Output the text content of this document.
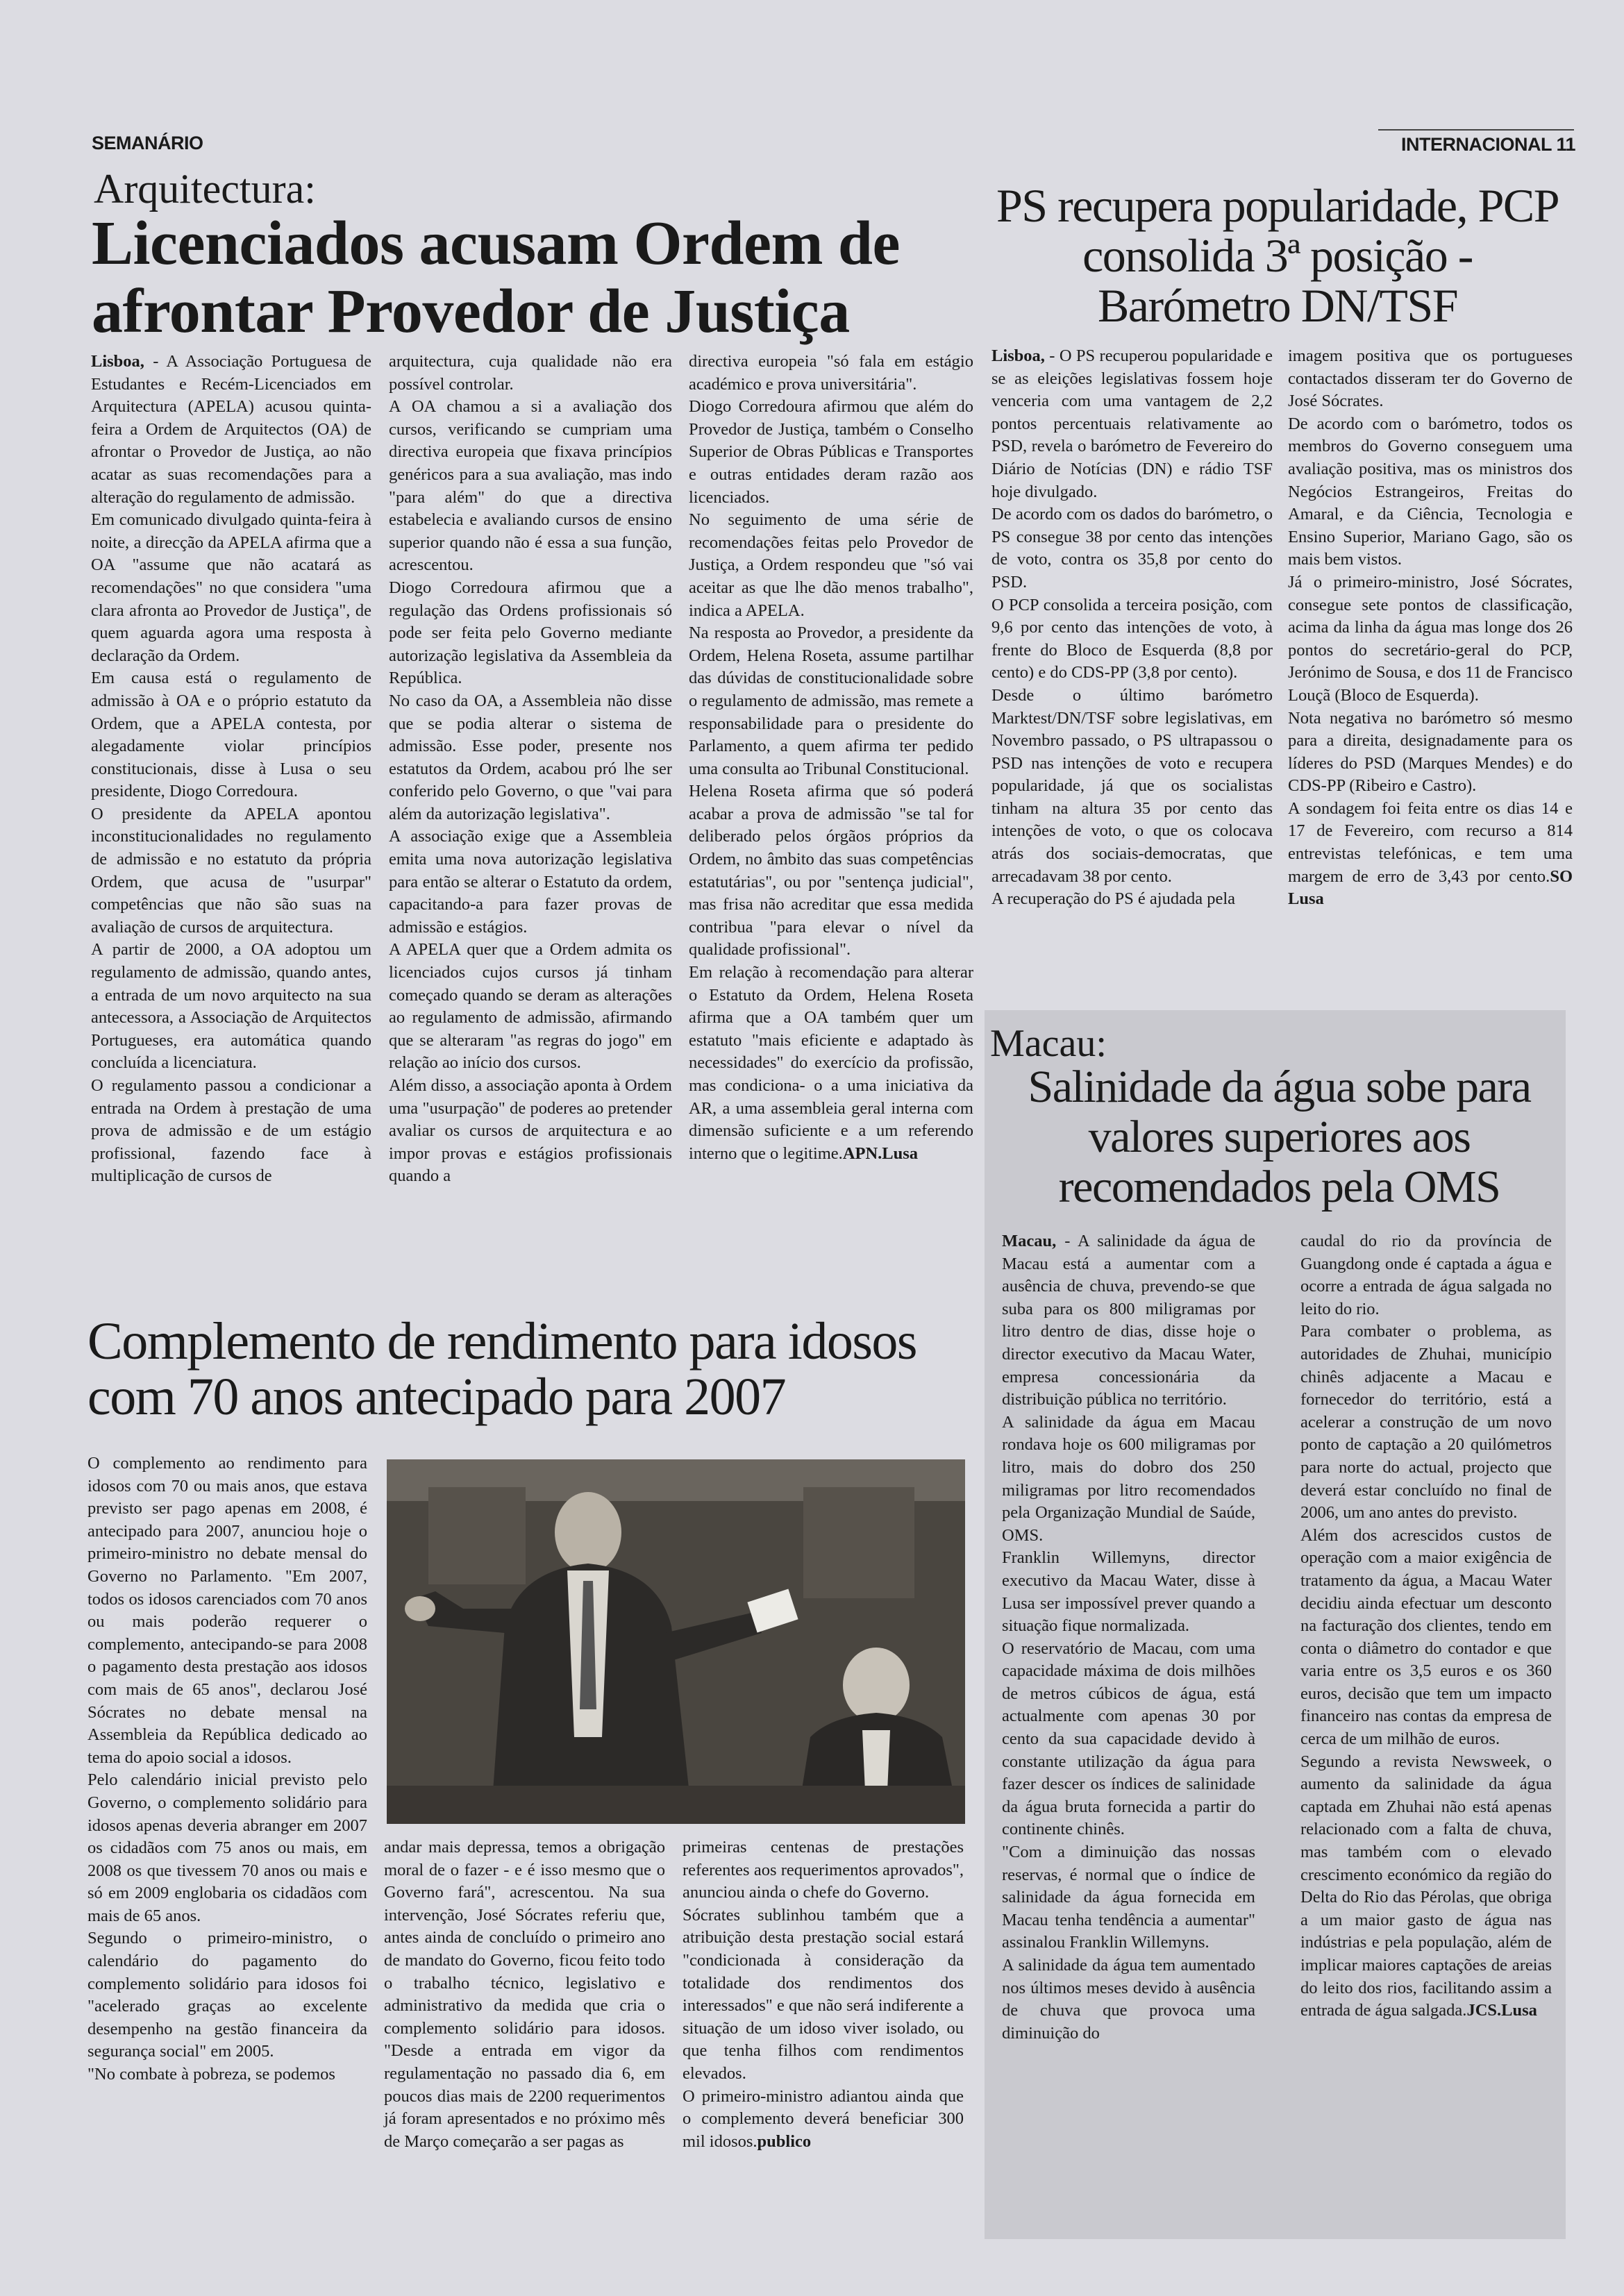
SEMANÁRIO	INTERNACIONAL 11
Arquitectura:
Licenciados acusam Ordem de afrontar Provedor de Justiça

Lisboa, - A Associação Portuguesa de Estudantes e Recém-Licenciados em Arquitectura (APELA) acusou quinta-feira a Ordem de Arquitectos (OA) de afrontar o Provedor de Justiça, ao não acatar as suas recomendações para a alteração do regulamento de admissão.

Em comunicado divulgado quinta-feira à noite, a direcção da APELA afirma que a OA "assume que não acatará as recomendações" no que considera "uma clara afronta ao Provedor de Justiça", de quem aguarda agora uma resposta à declaração da Ordem.

Em causa está o regulamento de admissão à OA e o próprio estatuto da Ordem, que a APELA contesta, por alegadamente violar princípios constitucionais, disse à Lusa o seu presidente, Diogo Corredoura.

O presidente da APELA apontou inconstitucionalidades no regulamento de admissão e no estatuto da própria Ordem, que acusa de "usurpar" competências que não são suas na avaliação de cursos de arquitectura.

A partir de 2000, a OA adoptou um regulamento de admissão, quando antes, a entrada de um novo arquitecto na sua antecessora, a Associação de Arquitectos Portugueses, era automática quando concluída a licenciatura.

O regulamento passou a condicionar a entrada na Ordem à prestação de uma prova de admissão e de um estágio profissional, fazendo face à multiplicação de cursos de

arquitectura, cuja qualidade não era possível controlar.

A OA chamou a si a avaliação dos cursos, verificando se cumpriam uma directiva europeia que fixava princípios genéricos para a sua avaliação, mas indo "para além" do que a directiva estabelecia e avaliando cursos de ensino superior quando não é essa a sua função, acrescentou.

Diogo Corredoura afirmou que a regulação das Ordens profissionais só pode ser feita pelo Governo mediante autorização legislativa da Assembleia da República.

No caso da OA, a Assembleia não disse que se podia alterar o sistema de admissão. Esse poder, presente nos estatutos da Ordem, acabou pró lhe ser conferido pelo Governo, o que "vai para além da autorização legislativa".

A associação exige que a Assembleia emita uma nova autorização legislativa para então se alterar o Estatuto da ordem, capacitando-a para fazer provas de admissão e estágios.

A APELA quer que a Ordem admita os licenciados cujos cursos já tinham começado quando se deram as alterações ao regulamento de admissão, afirmando que se alteraram "as regras do jogo" em relação ao início dos cursos.

Além disso, a associação aponta à Ordem uma "usurpação" de poderes ao pretender avaliar os cursos de arquitectura e ao impor provas e estágios profissionais quando a

directiva europeia "só fala em estágio académico e prova universitária".

Diogo Corredoura afirmou que além do Provedor de Justiça, também o Conselho Superior de Obras Públicas e Transportes e outras entidades deram razão aos licenciados.

No seguimento de uma série de recomendações feitas pelo Provedor de Justiça, a Ordem respondeu que "só vai aceitar as que lhe dão menos trabalho", indica a APELA.

Na resposta ao Provedor, a presidente da Ordem, Helena Roseta, assume partilhar das dúvidas de constitucionalidade sobre o regulamento de admissão, mas remete a responsabilidade para o presidente do Parlamento, a quem afirma ter pedido uma consulta ao Tribunal Constitucional.

Helena Roseta afirma que só poderá acabar a prova de admissão "se tal for deliberado pelos órgãos próprios da Ordem, no âmbito das suas competências estatutárias", ou por "sentença judicial", mas frisa não acreditar que essa medida contribua "para elevar o nível da qualidade profissional".

Em relação à recomendação para alterar o Estatuto da Ordem, Helena Roseta afirma que a OA também quer um estatuto "mais eficiente e adaptado às necessidades" do exercício da profissão, mas condiciona- o a uma iniciativa da AR, a uma assembleia geral interna com dimensão suficiente e a um referendo interno que o legitime.APN.Lusa

PS recupera popularidade, PCP consolida 3ª posição - Barómetro DN/TSF

Lisboa, - O PS recuperou popularidade e se as eleições legislativas fossem hoje venceria com uma vantagem de 2,2 pontos percentuais relativamente ao PSD, revela o barómetro de Fevereiro do Diário de Notícias (DN) e rádio TSF hoje divulgado.

De acordo com os dados do barómetro, o PS consegue 38 por cento das intenções de voto, contra os 35,8 por cento do PSD.

O PCP consolida a terceira posição, com 9,6 por cento das intenções de voto, à frente do Bloco de Esquerda (8,8 por cento) e do CDS-PP (3,8 por cento).

Desde o último barómetro Marktest/DN/TSF sobre legislativas, em Novembro passado, o PS ultrapassou o PSD nas intenções de voto e recupera popularidade, já que os socialistas tinham na altura 35 por cento das intenções de voto, o que os colocava atrás dos sociais-democratas, que arrecadavam 38 por cento.

A recuperação do PS é ajudada pela

imagem positiva que os portugueses contactados disseram ter do Governo de José Sócrates.

De acordo com o barómetro, todos os membros do Governo conseguem uma avaliação positiva, mas os ministros dos Negócios Estrangeiros, Freitas do Amaral, e da Ciência, Tecnologia e Ensino Superior, Mariano Gago, são os mais bem vistos.

Já o primeiro-ministro, José Sócrates, consegue sete pontos de classificação, acima da linha da água mas longe dos 26 pontos do secretário-geral do PCP, Jerónimo de Sousa, e dos 11 de Francisco Louçã (Bloco de Esquerda).

Nota negativa no barómetro só mesmo para a direita, designadamente para os líderes do PSD (Marques Mendes) e do CDS-PP (Ribeiro e Castro).

A sondagem foi feita entre os dias 14 e 17 de Fevereiro, com recurso a 814 entrevistas telefónicas, e tem uma margem de erro de 3,43 por cento.SO Lusa

Macau:
Salinidade da água sobe para valores superiores aos recomendados pela OMS

Macau, - A salinidade da água de Macau está a aumentar com a ausência de chuva, prevendo-se que suba para os 800 miligramas por litro dentro de dias, disse hoje o director executivo da Macau Water, empresa concessionária da distribuição pública no território.

A salinidade da água em Macau rondava hoje os 600 miligramas por litro, mais do dobro dos 250 miligramas por litro recomendados pela Organização Mundial de Saúde, OMS.

Franklin Willemyns, director executivo da Macau Water, disse à Lusa ser impossível prever quando a situação fique normalizada.

O reservatório de Macau, com uma capacidade máxima de dois milhões de metros cúbicos de água, está actualmente com apenas 30 por cento da sua capacidade devido à constante utilização da água para fazer descer os índices de salinidade da água bruta fornecida a partir do continente chinês.

"Com a diminuição das nossas reservas, é normal que o índice de salinidade da água fornecida em Macau tenha tendência a aumentar" assinalou Franklin Willemyns.

A salinidade da água tem aumentado nos últimos meses devido à ausência de chuva que provoca uma diminuição do

caudal do rio da província de Guangdong onde é captada a água e ocorre a entrada de água salgada no leito do rio.

Para combater o problema, as autoridades de Zhuhai, município chinês adjacente a Macau e fornecedor do território, está a acelerar a construção de um novo ponto de captação a 20 quilómetros para norte do actual, projecto que deverá estar concluído no final de 2006, um ano antes do previsto.

Além dos acrescidos custos de operação com a maior exigência de tratamento da água, a Macau Water decidiu ainda efectuar um desconto na facturação dos clientes, tendo em conta o diâmetro do contador e que varia entre os 3,5 euros e os 360 euros, decisão que tem um impacto financeiro nas contas da empresa de cerca de um milhão de euros.

Segundo a revista Newsweek, o aumento da salinidade da água captada em Zhuhai não está apenas relacionado com a falta de chuva, mas também com o elevado crescimento económico da região do Delta do Rio das Pérolas, que obriga a um maior gasto de água nas indústrias e pela população, além de implicar maiores captações de areias do leito dos rios, facilitando assim a entrada de água salgada.JCS.Lusa

Complemento de rendimento para idosos com 70 anos antecipado para 2007

O complemento ao rendimento para idosos com 70 ou mais anos, que estava previsto ser pago apenas em 2008, é antecipado para 2007, anunciou hoje o primeiro-ministro no debate mensal do Governo no Parlamento. "Em 2007, todos os idosos carenciados com 70 anos ou mais poderão requerer o complemento, antecipando-se para 2008 o pagamento desta prestação aos idosos com mais de 65 anos", declarou José Sócrates no debate mensal na Assembleia da República dedicado ao tema do apoio social a idosos.

Pelo calendário inicial previsto pelo Governo, o complemento solidário para idosos apenas deveria abranger em 2007 os cidadãos com 75 anos ou mais, em 2008 os que tivessem 70 anos ou mais e só em 2009 englobaria os cidadãos com mais de 65 anos.

Segundo o primeiro-ministro, o calendário do pagamento do complemento solidário para idosos foi "acelerado graças ao excelente desempenho na gestão financeira da segurança social" em 2005.

"No combate à pobreza, se podemos

andar mais depressa, temos a obrigação moral de o fazer - e é isso mesmo que o Governo fará", acrescentou. Na sua intervenção, José Sócrates referiu que, antes ainda de concluído o primeiro ano de mandato do Governo, ficou feito todo o trabalho técnico, legislativo e administrativo da medida que cria o complemento solidário para idosos. "Desde a entrada em vigor da regulamentação no passado dia 6, em poucos dias mais de 2200 requerimentos já foram apresentados e no próximo mês de Março começarão a ser pagas as

primeiras centenas de prestações referentes aos requerimentos aprovados", anunciou ainda o chefe do Governo.

Sócrates sublinhou também que a atribuição desta prestação social estará "condicionada à consideração da totalidade dos rendimentos dos interessados" e que não será indiferente a situação de um idoso viver isolado, ou que tenha filhos com rendimentos elevados.

O primeiro-ministro adiantou ainda que o complemento deverá beneficiar 300 mil idosos.publico
